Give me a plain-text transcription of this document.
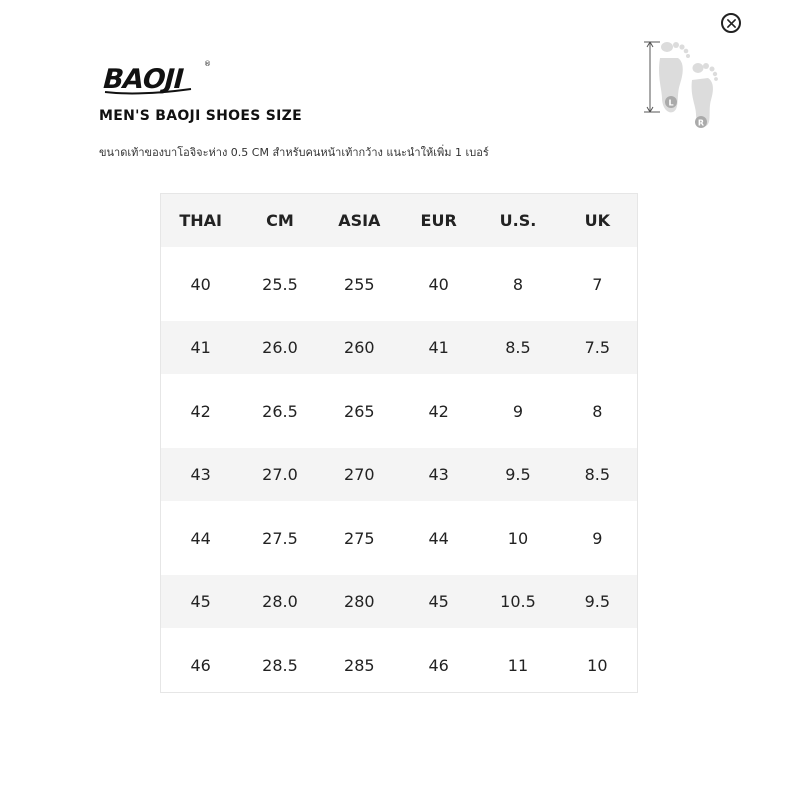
BAOJI
®
MEN'S BAOJI SHOES SIZE

ขนาดเท้าของบาโอจิจะห่าง 0.5 CM สำหรับคนหน้าเท้ากว้าง แนะนำให้เพิ่ม 1 เบอร์

L
R
THAI	CM	ASIA	EUR	U.S.	UK
40	25.5	255	40	8	7
41	26.0	260	41	8.5	7.5
42	26.5	265	42	9	8
43	27.0	270	43	9.5	8.5
44	27.5	275	44	10	9
45	28.0	280	45	10.5	9.5
46	28.5	285	46	11	10
